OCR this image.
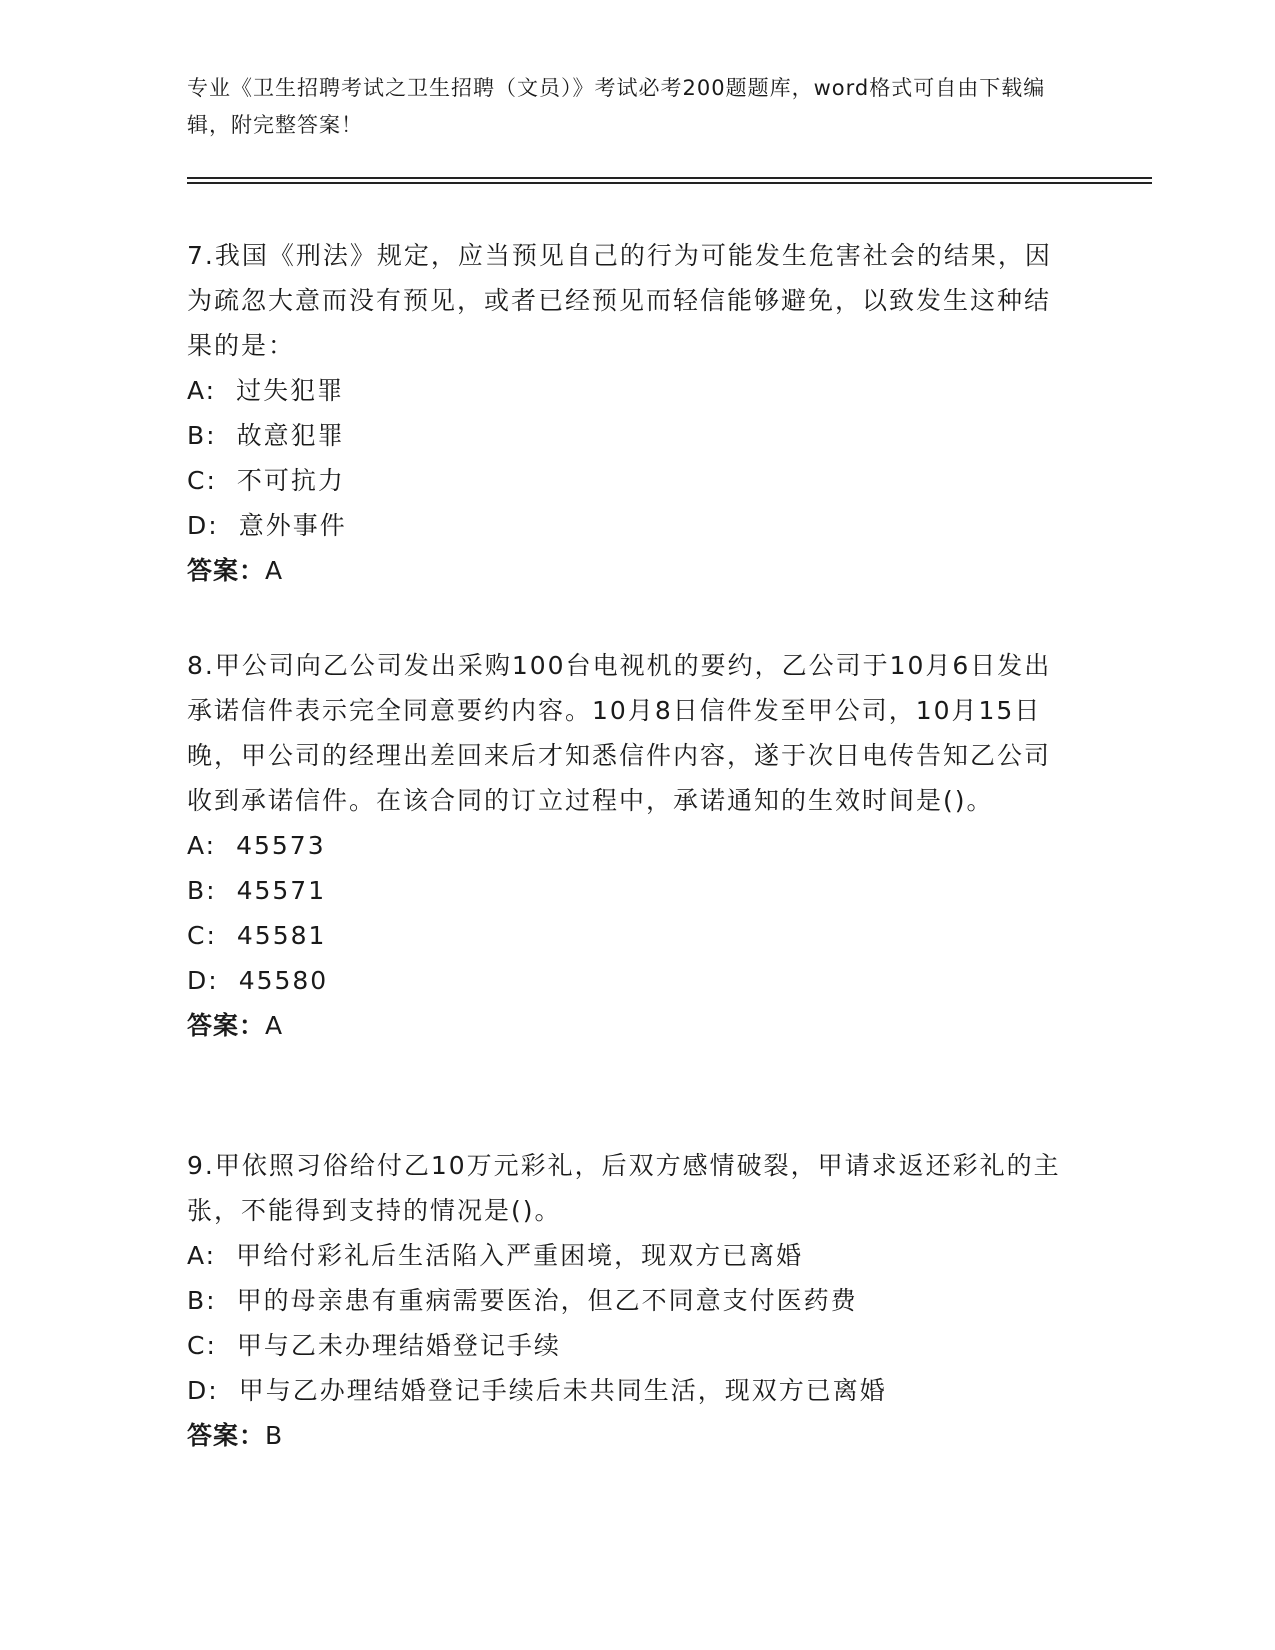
专业《卫生招聘考试之卫生招聘（文员）》考试必考200题题库，word格式可自由下载编辑，附完整答案！

7.我国《刑法》规定，应当预见自己的行为可能发生危害社会的结果，因为疏忽大意而没有预见，或者已经预见而轻信能够避免，以致发生这种结果的是：

A: 过失犯罪

B: 故意犯罪

C: 不可抗力

D: 意外事件

答案：A

8.甲公司向乙公司发出采购100台电视机的要约，乙公司于10月6日发出承诺信件表示完全同意要约内容。10月8日信件发至甲公司，10月15日晚，甲公司的经理出差回来后才知悉信件内容，遂于次日电传告知乙公司收到承诺信件。在该合同的订立过程中，承诺通知的生效时间是()。

A: 45573

B: 45571

C: 45581

D: 45580

答案：A

9.甲依照习俗给付乙10万元彩礼，后双方感情破裂，甲请求返还彩礼的主张，不能得到支持的情况是()。

A: 甲给付彩礼后生活陷入严重困境，现双方已离婚

B: 甲的母亲患有重病需要医治，但乙不同意支付医药费

C: 甲与乙未办理结婚登记手续

D: 甲与乙办理结婚登记手续后未共同生活，现双方已离婚

答案：B
